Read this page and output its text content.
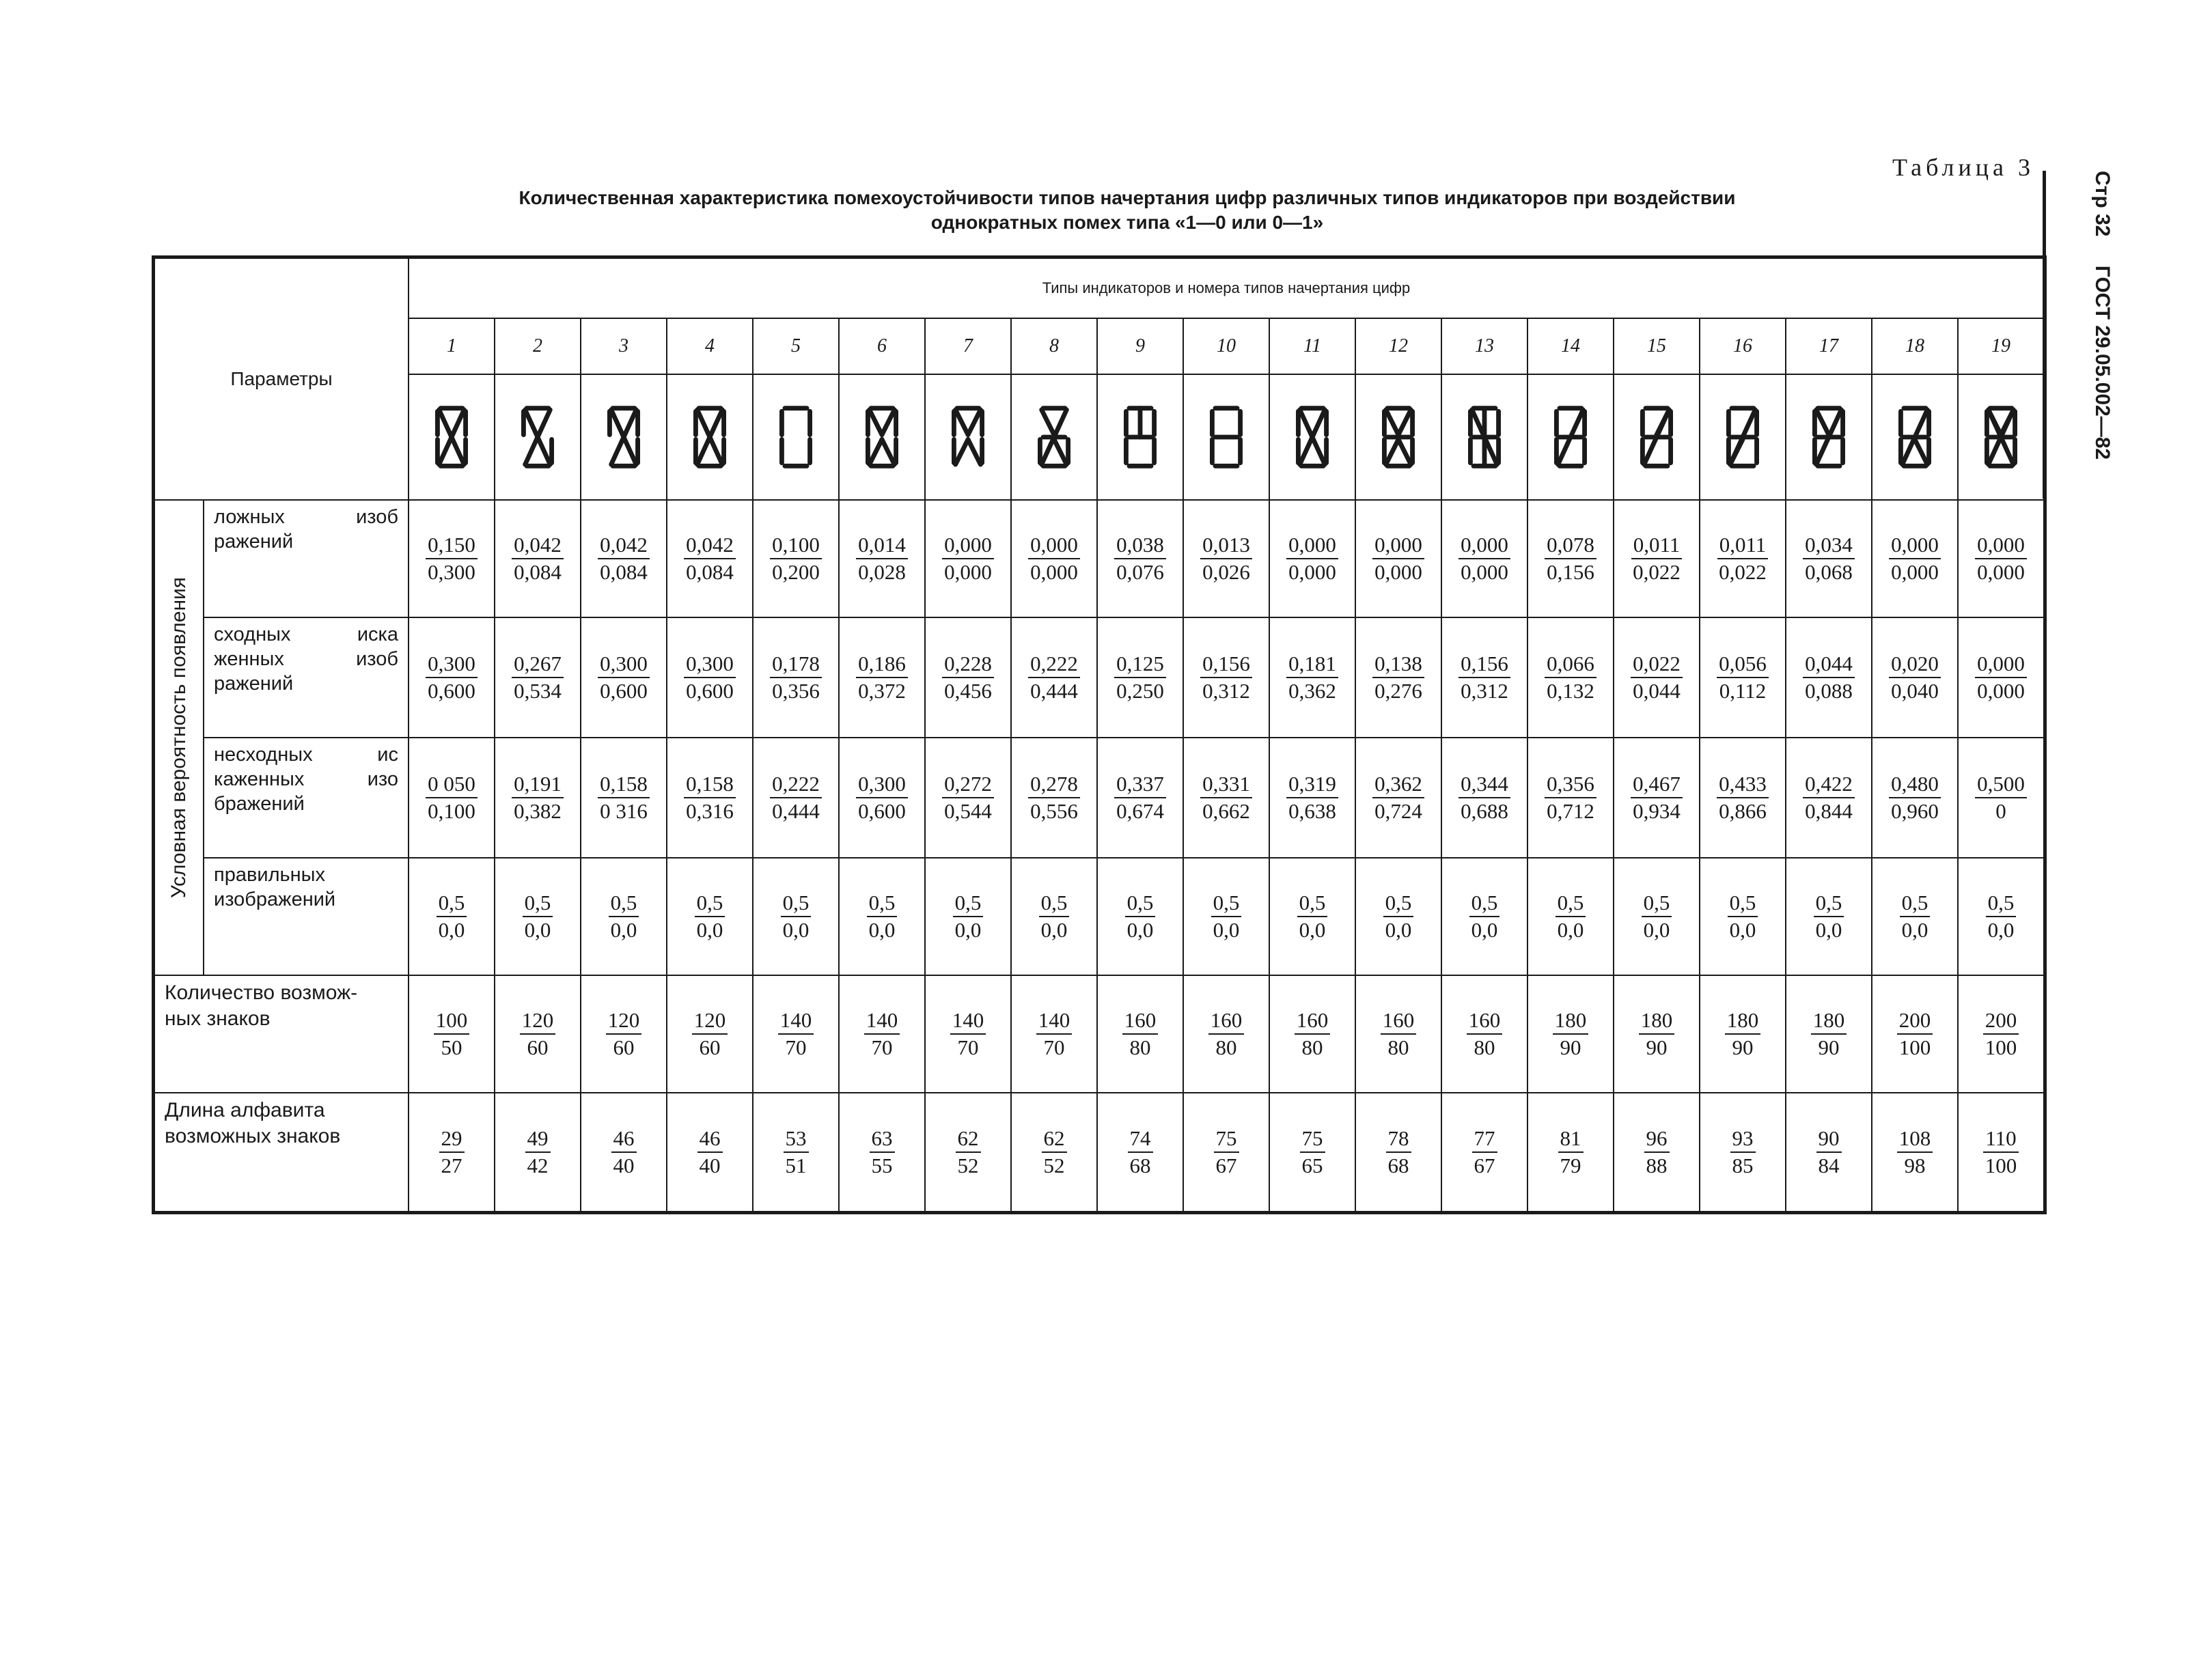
Таблица 3
Количественная характеристика помехоустойчивости типов начертания цифр различных типов индикаторов при воздействии
однократных помех типа «1—0 или 0—1»	Стр 32 ГОСТ 29.05.002—82
Параметры		Типы индикаторов и номера типов начертания цифр																		
		1	2	3	4	5	6	7	8	9	10	11	12	13	14	15	16	17	18	19

Условная вероятность появления	ложных изоб ражений	$\frac{0,150}{0,300}$	$\frac{0,042}{0,084}$	$\frac{0,042}{0,084}$	$\frac{0,042}{0,084}$	$\frac{0,100}{0,200}$	$\frac{0,014}{0,028}$	$\frac{0,000}{0,000}$	$\frac{0,000}{0,000}$	$\frac{0,038}{0,076}$	$\frac{0,013}{0,026}$	$\frac{0,000}{0,000}$	$\frac{0,000}{0,000}$	$\frac{0,000}{0,000}$	$\frac{0,078}{0,156}$	$\frac{0,011}{0,022}$	$\frac{0,011}{0,022}$	$\frac{0,034}{0,068}$	$\frac{0,000}{0,000}$	$\frac{0,000}{0,000}$

	сходных иска женных изоб ражений	$\frac{0,300}{0,600}$	$\frac{0,267}{0,534}$	$\frac{0,300}{0,600}$	$\frac{0,300}{0,600}$	$\frac{0,178}{0,356}$	$\frac{0,186}{0,372}$	$\frac{0,228}{0,456}$	$\frac{0,222}{0,444}$	$\frac{0,125}{0,250}$	$\frac{0,156}{0,312}$	$\frac{0,181}{0,362}$	$\frac{0,138}{0,276}$	$\frac{0,156}{0,312}$	$\frac{0,066}{0,132}$	$\frac{0,022}{0,044}$	$\frac{0,056}{0,112}$	$\frac{0,044}{0,088}$	$\frac{0,020}{0,040}$	$\frac{0,000}{0,000}$

	несходных ис каженных изо бражений	$\frac{0 050}{0,100}$	$\frac{0,191}{0,382}$	$\frac{0,158}{0 316}$	$\frac{0,158}{0,316}$	$\frac{0,222}{0,444}$	$\frac{0,300}{0,600}$	$\frac{0,272}{0,544}$	$\frac{0,278}{0,556}$	$\frac{0,337}{0,674}$	$\frac{0,331}{0,662}$	$\frac{0,319}{0,638}$	$\frac{0,362}{0,724}$	$\frac{0,344}{0,688}$	$\frac{0,356}{0,712}$	$\frac{0,467}{0,934}$	$\frac{0,433}{0,866}$	$\frac{0,422}{0,844}$	$\frac{0,480}{0,960}$	$\frac{0,500}{0}$

	правильных изображений	$\frac{0,5}{0,0}$	$\frac{0,5}{0,0}$	$\frac{0,5}{0,0}$	$\frac{0,5}{0,0}$	$\frac{0,5}{0,0}$	$\frac{0,5}{0,0}$	$\frac{0,5}{0,0}$	$\frac{0,5}{0,0}$	$\frac{0,5}{0,0}$	$\frac{0,5}{0,0}$	$\frac{0,5}{0,0}$	$\frac{0,5}{0,0}$	$\frac{0,5}{0,0}$	$\frac{0,5}{0,0}$	$\frac{0,5}{0,0}$	$\frac{0,5}{0,0}$	$\frac{0,5}{0,0}$	$\frac{0,5}{0,0}$	$\frac{0,5}{0,0}$

Количество возмож- ных знаков		$\frac{100}{50}$	$\frac{120}{60}$	$\frac{120}{60}$	$\frac{120}{60}$	$\frac{140}{70}$	$\frac{140}{70}$	$\frac{140}{70}$	$\frac{140}{70}$	$\frac{160}{80}$	$\frac{160}{80}$	$\frac{160}{80}$	$\frac{160}{80}$	$\frac{160}{80}$	$\frac{180}{90}$	$\frac{180}{90}$	$\frac{180}{90}$	$\frac{180}{90}$	$\frac{200}{100}$	$\frac{200}{100}$

Длина алфавита возможных знаков		$\frac{29}{27}$	$\frac{49}{42}$	$\frac{46}{40}$	$\frac{46}{40}$	$\frac{53}{51}$	$\frac{63}{55}$	$\frac{62}{52}$	$\frac{62}{52}$	$\frac{74}{68}$	$\frac{75}{67}$	$\frac{75}{65}$	$\frac{78}{68}$	$\frac{77}{67}$	$\frac{81}{79}$	$\frac{96}{88}$	$\frac{93}{85}$	$\frac{90}{84}$	$\frac{108}{98}$	$\frac{110}{100}$
